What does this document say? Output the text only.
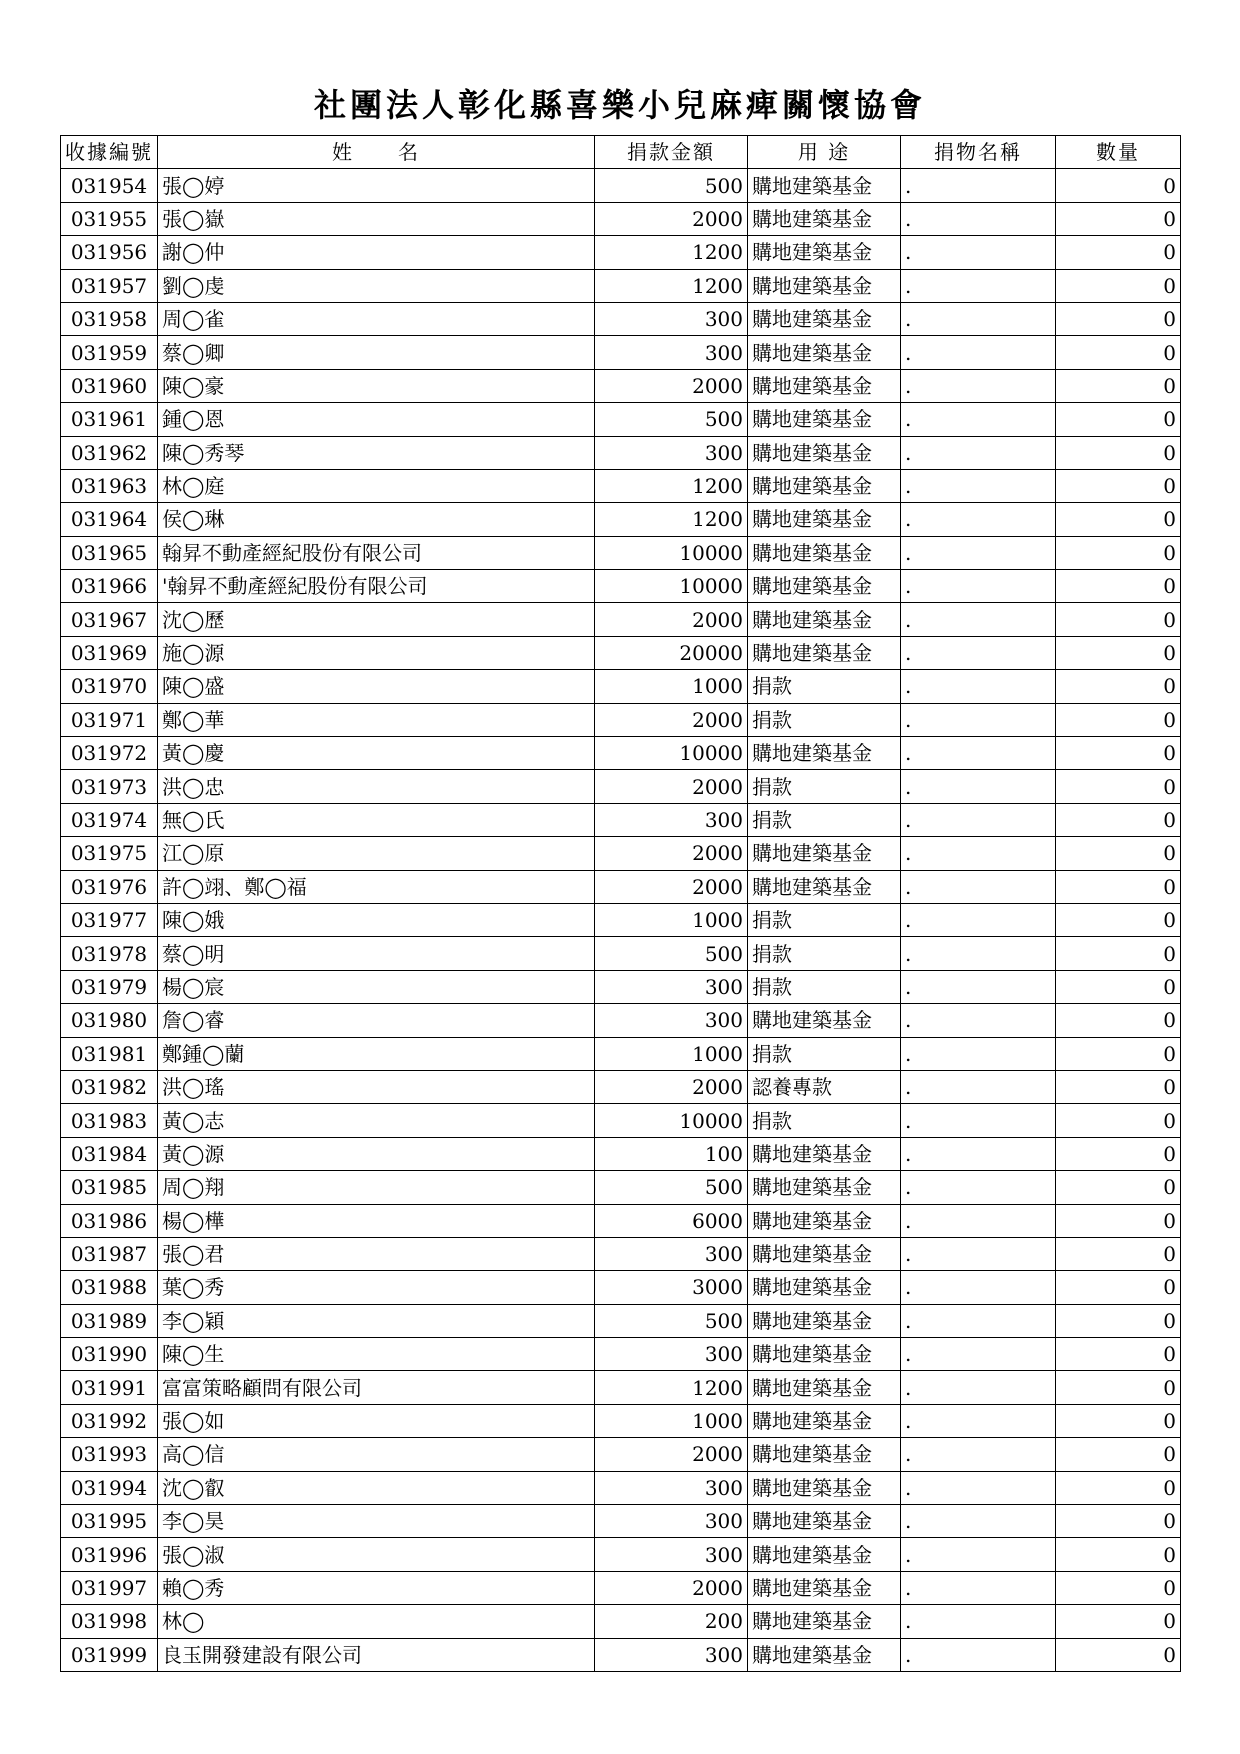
社團法人彰化縣喜樂小兒麻痺關懷協會
收據編號	姓　　名	捐款金額	用 途	捐物名稱	數量
031954	張◯婷	500	購地建築基金	.	0
031955	張◯嶽	2000	購地建築基金	.	0
031956	謝◯仲	1200	購地建築基金	.	0
031957	劉◯虔	1200	購地建築基金	.	0
031958	周◯雀	300	購地建築基金	.	0
031959	蔡◯卿	300	購地建築基金	.	0
031960	陳◯豪	2000	購地建築基金	.	0
031961	鍾◯恩	500	購地建築基金	.	0
031962	陳◯秀琴	300	購地建築基金	.	0
031963	林◯庭	1200	購地建築基金	.	0
031964	侯◯琳	1200	購地建築基金	.	0
031965	翰昇不動產經紀股份有限公司	10000	購地建築基金	.	0
031966	'翰昇不動產經紀股份有限公司	10000	購地建築基金	.	0
031967	沈◯歷	2000	購地建築基金	.	0
031969	施◯源	20000	購地建築基金	.	0
031970	陳◯盛	1000	捐款	.	0
031971	鄭◯華	2000	捐款	.	0
031972	黃◯慶	10000	購地建築基金	.	0
031973	洪◯忠	2000	捐款	.	0
031974	無◯氏	300	捐款	.	0
031975	江◯原	2000	購地建築基金	.	0
031976	許◯翊、鄭◯福	2000	購地建築基金	.	0
031977	陳◯娥	1000	捐款	.	0
031978	蔡◯明	500	捐款	.	0
031979	楊◯宸	300	捐款	.	0
031980	詹◯睿	300	購地建築基金	.	0
031981	鄭鍾◯蘭	1000	捐款	.	0
031982	洪◯瑤	2000	認養專款	.	0
031983	黃◯志	10000	捐款	.	0
031984	黃◯源	100	購地建築基金	.	0
031985	周◯翔	500	購地建築基金	.	0
031986	楊◯樺	6000	購地建築基金	.	0
031987	張◯君	300	購地建築基金	.	0
031988	葉◯秀	3000	購地建築基金	.	0
031989	李◯穎	500	購地建築基金	.	0
031990	陳◯生	300	購地建築基金	.	0
031991	富富策略顧問有限公司	1200	購地建築基金	.	0
031992	張◯如	1000	購地建築基金	.	0
031993	高◯信	2000	購地建築基金	.	0
031994	沈◯叡	300	購地建築基金	.	0
031995	李◯昊	300	購地建築基金	.	0
031996	張◯淑	300	購地建築基金	.	0
031997	賴◯秀	2000	購地建築基金	.	0
031998	林◯	200	購地建築基金	.	0
031999	良玉開發建設有限公司	300	購地建築基金	.	0
